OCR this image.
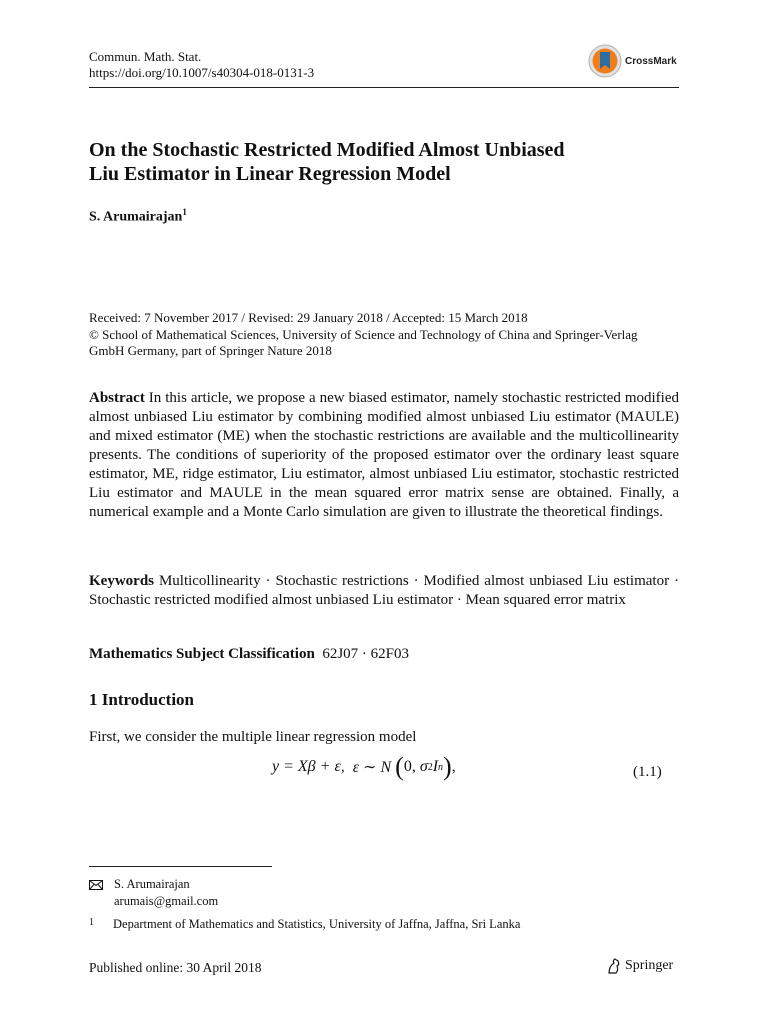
Commun. Math. Stat.
https://doi.org/10.1007/s40304-018-0131-3
CrossMark
On the Stochastic Restricted Modified Almost Unbiased
Liu Estimator in Linear Regression Model
S. Arumairajan$^1$
Received: 7 November 2017 / Revised: 29 January 2018 / Accepted: 15 March 2018
© School of Mathematical Sciences, University of Science and Technology of China and Springer-Verlag
GmbH Germany, part of Springer Nature 2018
Abstract In this article, we propose a new biased estimator, namely stochastic restricted modified almost unbiased Liu estimator by combining modified almost unbiased Liu estimator (MAULE) and mixed estimator (ME) when the stochastic restrictions are available and the multicollinearity presents. The conditions of superiority of the proposed estimator over the ordinary least square estimator, ME, ridge estimator, Liu estimator, almost unbiased Liu estimator, stochastic restricted Liu estimator and MAULE in the mean squared error matrix sense are obtained. Finally, a numerical example and a Monte Carlo simulation are given to illustrate the theoretical findings.
Keywords Multicollinearity · Stochastic restrictions · Modified almost unbiased Liu estimator · Stochastic restricted modified almost unbiased Liu estimator · Mean squared error matrix
Mathematics Subject Classification 62J07 · 62F03
1 Introduction
First, we consider the multiple linear regression model
y = Xβ + ε,
ε ∼ N
( 0,
σ 2 I n ) ,	(1.1)
S. Arumairajan
arumais@gmail.com
1	Department of Mathematics and Statistics, University of Jaffna, Jaffna, Sri Lanka
Published online: 30 April 2018	Springer
